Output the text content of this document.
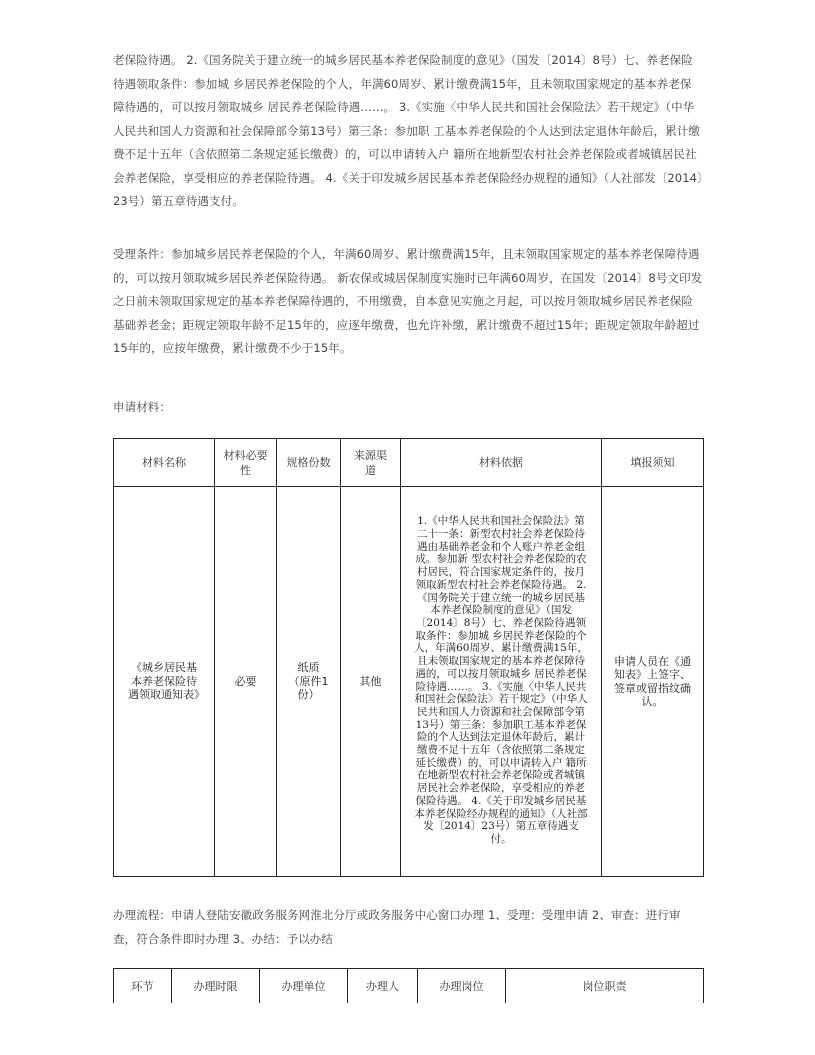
老保险待遇。 2.《国务院关于建立统一的城乡居民基本养老保险制度的意见》（国发〔2014〕8号）七、养老保险待遇领取条件：参加城 乡居民养老保险的个人，年满60周岁、累计缴费满15年，且未领取国家规定的基本养老保障待遇的，可以按月领取城乡 居民养老保险待遇……。 3.《实施〈中华人民共和国社会保险法〉若干规定》（中华人民共和国人力资源和社会保障部令第13号）第三条：参加职 工基本养老保险的个人达到法定退休年龄后，累计缴费不足十五年（含依照第二条规定延长缴费）的，可以申请转入户 籍所在地新型农村社会养老保险或者城镇居民社会养老保险，享受相应的养老保险待遇。 4.《关于印发城乡居民基本养老保险经办规程的通知》（人社部发〔2014〕23号）第五章待遇支付。

受理条件：参加城乡居民养老保险的个人，年满60周岁、累计缴费满15年，且未领取国家规定的基本养老保障待遇的，可以按月领取城乡居民养老保险待遇。 新农保或城居保制度实施时已年满60周岁，在国发〔2014〕8号文印发之日前未领取国家规定的基本养老保障待遇的，不用缴费，自本意见实施之月起，可以按月领取城乡居民养老保险基础养老金；距规定领取年龄不足15年的，应逐年缴费，也允许补缴，累计缴费不超过15年；距规定领取年龄超过15年的，应按年缴费，累计缴费不少于15年。

申请材料：

材料名称	材料必要性	规格份数	来源渠道	材料依据	填报须知
《城乡居民基本养老保险待遇领取通知表》	必要	纸质（原件1份）	其他	1.《中华人民共和国社会保险法》第二十一条：新型农村社会养老保险待遇由基础养老金和个人账户养老金组成。参加新 型农村社会养老保险的农村居民，符合国家规定条件的，按月领取新型农村社会养老保险待遇。 2.《国务院关于建立统一的城乡居民基本养老保险制度的意见》（国发〔2014〕8号）七、养老保险待遇领取条件：参加城 乡居民养老保险的个人，年满60周岁、累计缴费满15年，且未领取国家规定的基本养老保障待遇的，可以按月领取城乡 居民养老保险待遇……。 3.《实施〈中华人民共和国社会保险法〉若干规定》（中华人民共和国人力资源和社会保障部令第13号）第三条：参加职工基本养老保险的个人达到法定退休年龄后，累计缴费不足十五年（含依照第二条规定延长缴费）的，可以申请转入户 籍所在地新型农村社会养老保险或者城镇居民社会养老保险，享受相应的养老保险待遇。 4.《关于印发城乡居民基本养老保险经办规程的通知》（人社部发〔2014〕23号）第五章待遇支付。	申请人员在《通知表》上签字、签章或留指纹确认。

办理流程：申请人登陆安徽政务服务网淮北分厅或政务服务中心窗口办理 1、受理：受理申请 2、审查：进行审查，符合条件即时办理 3、办结：予以办结

环节	办理时限	办理单位	办理人	办理岗位	岗位职责
